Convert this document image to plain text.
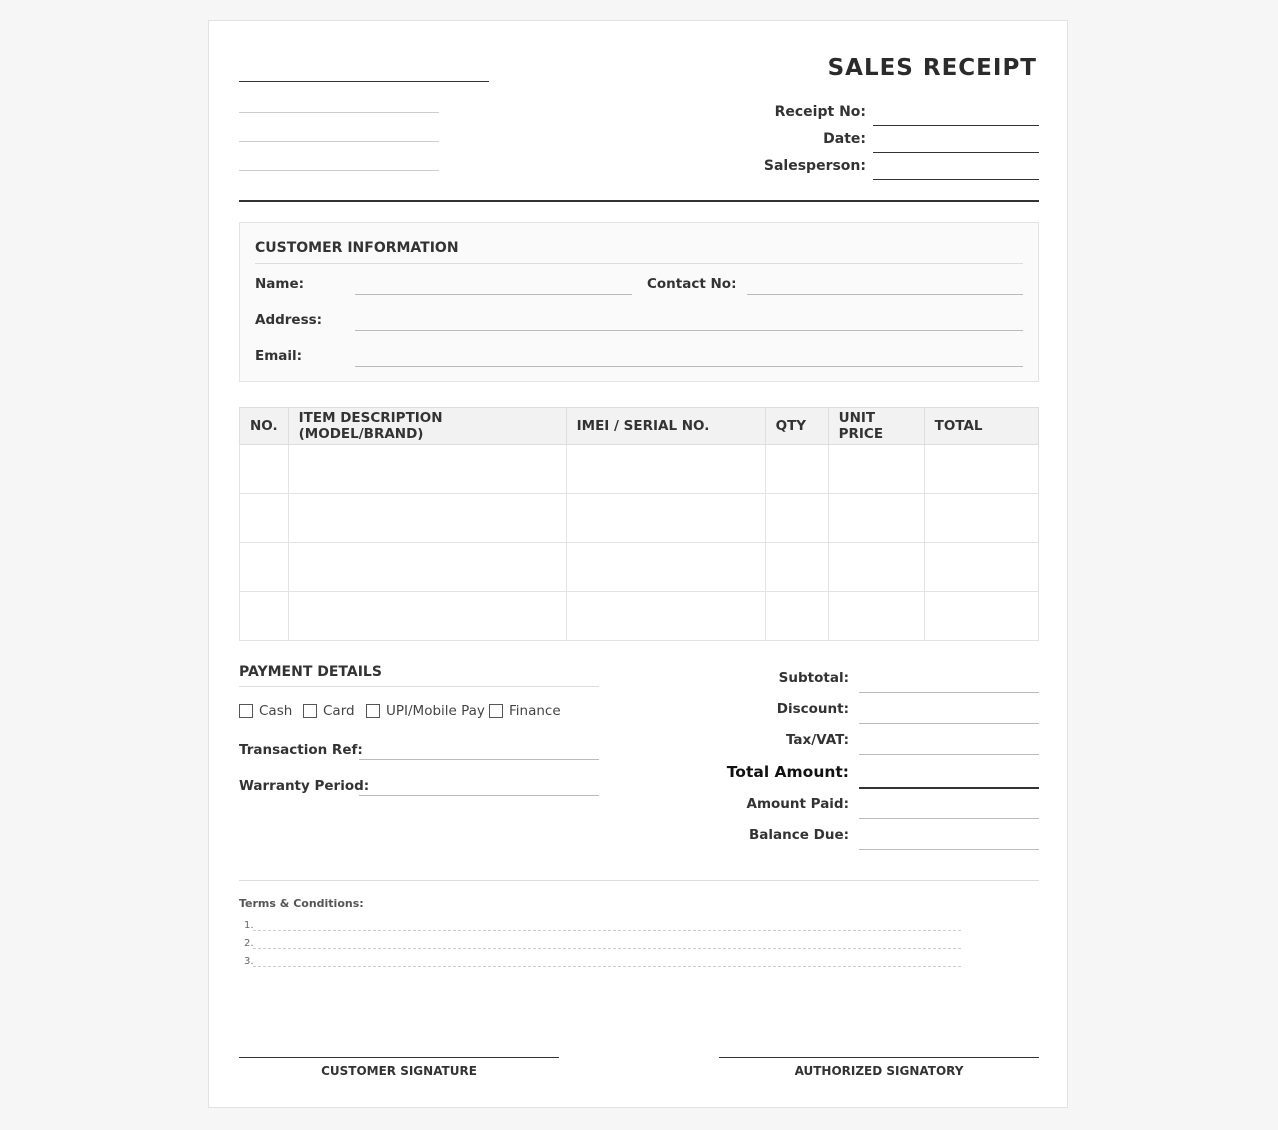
SALES RECEIPT
Receipt No:
Date:
Salesperson:
CUSTOMER INFORMATION
Name:	Contact No:
Address:
Email:
NO.	ITEM DESCRIPTION (MODEL/BRAND)	IMEI / SERIAL NO.	QTY	UNIT PRICE	TOTAL

PAYMENT DETAILS
Cash Card UPI/Mobile Pay Finance
Transaction Ref:
Warranty Period:
Subtotal:
Discount:
Tax/VAT:
Total Amount:
Amount Paid:
Balance Due:
Terms & Conditions:
1.
2.
3.
CUSTOMER SIGNATURE	AUTHORIZED SIGNATORY
